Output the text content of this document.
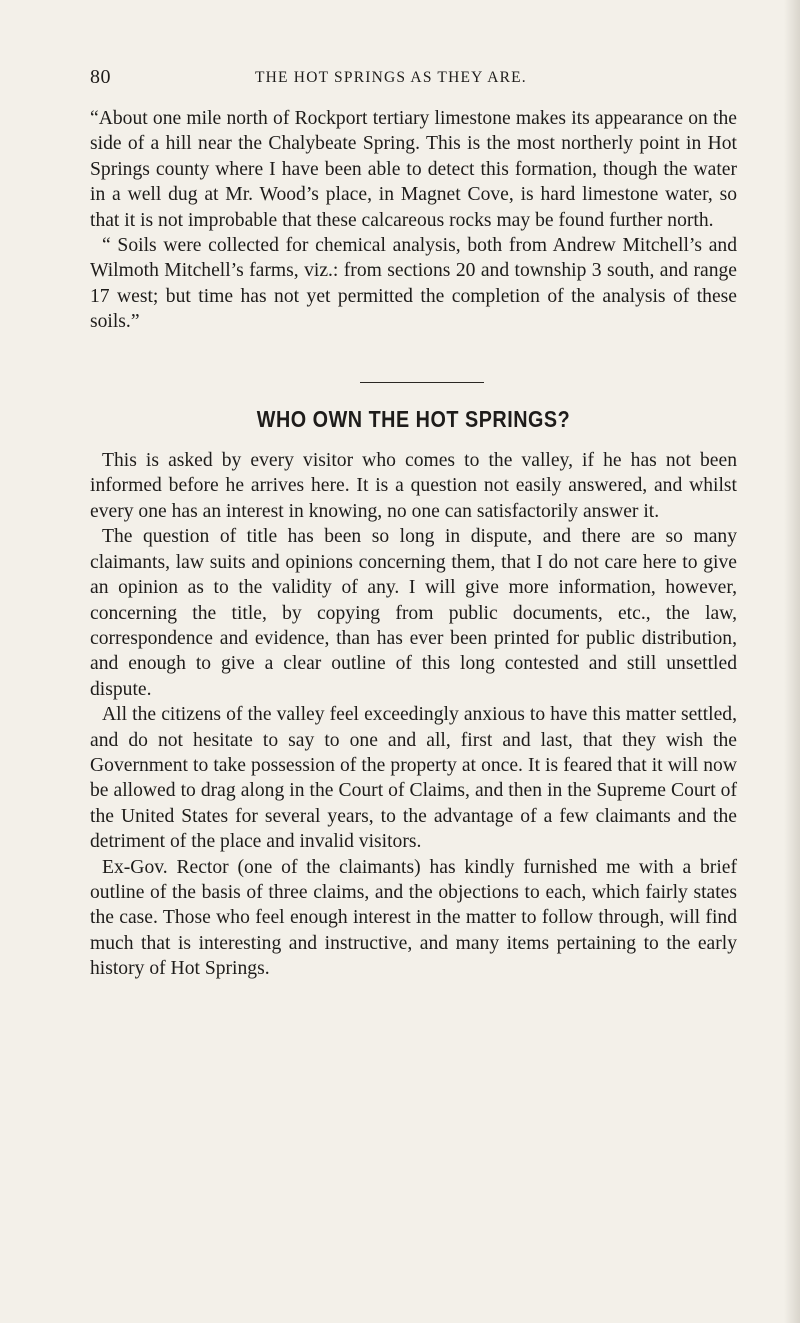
80	THE HOT SPRINGS AS THEY ARE.

“About one mile north of Rockport tertiary limestone makes its appearance on the side of a hill near the Chalybeate Spring. This is the most northerly point in Hot Springs county where I have been able to detect this formation, though the water in a well dug at Mr. Wood’s place, in Magnet Cove, is hard limestone water, so that it is not improbable that these calcareous rocks may be found further north.

“ Soils were collected for chemical analysis, both from Andrew Mitchell’s and Wilmoth Mitchell’s farms, viz.: from sections 20 and township 3 south, and range 17 west; but time has not yet permitted the completion of the analysis of these soils.”

WHO OWN THE HOT SPRINGS?

This is asked by every visitor who comes to the valley, if he has not been informed before he arrives here. It is a question not easily answered, and whilst every one has an interest in knowing, no one can satisfactorily answer it.

The question of title has been so long in dispute, and there are so many claimants, law suits and opinions concerning them, that I do not care here to give an opinion as to the validity of any. I will give more information, however, concerning the title, by copying from public documents, etc., the law, correspondence and evidence, than has ever been printed for public distribution, and enough to give a clear outline of this long contested and still unsettled dispute.

All the citizens of the valley feel exceedingly anxious to have this matter settled, and do not hesitate to say to one and all, first and last, that they wish the Government to take possession of the property at once. It is feared that it will now be allowed to drag along in the Court of Claims, and then in the Supreme Court of the United States for several years, to the advantage of a few claimants and the detriment of the place and invalid visitors.

Ex-Gov. Rector (one of the claimants) has kindly furnished me with a brief outline of the basis of three claims, and the objections to each, which fairly states the case. Those who feel enough interest in the matter to follow through, will find much that is interesting and instructive, and many items pertaining to the early history of Hot Springs.
